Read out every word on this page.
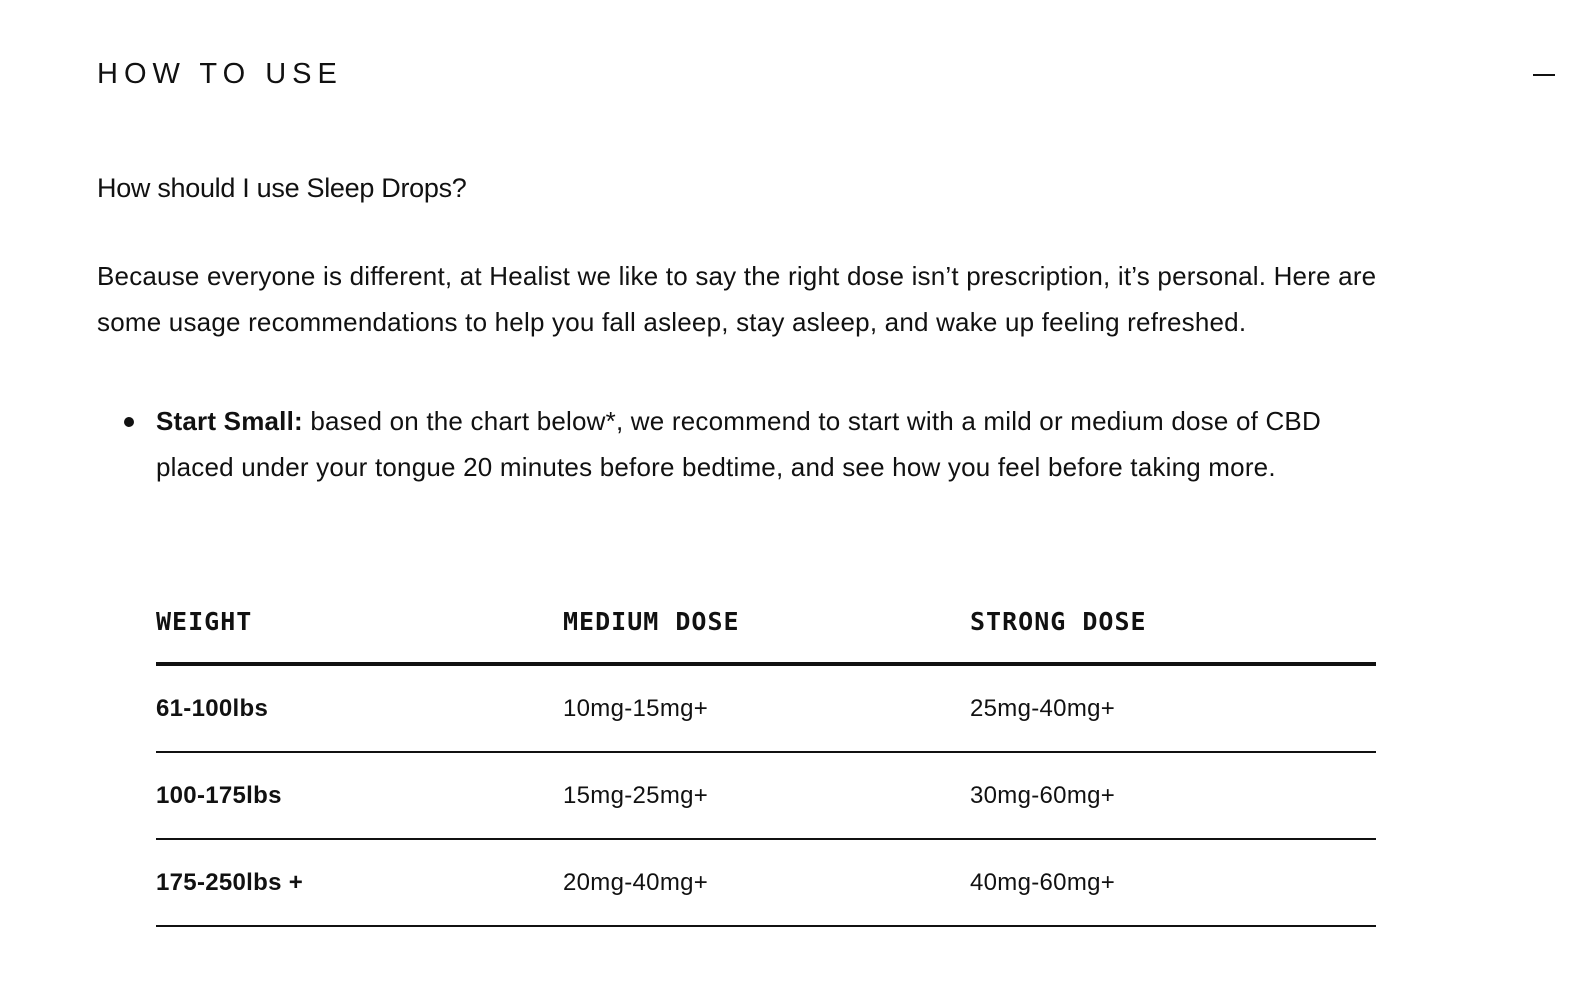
HOW TO USE
How should I use Sleep Drops?

Because everyone is different, at Healist we like to say the right dose isn’t prescription, it’s personal. Here are some usage recommendations to help you fall asleep, stay asleep, and wake up feeling refreshed.

Start Small: based on the chart below*, we recommend to start with a mild or medium dose of CBD placed under your tongue 20 minutes before bedtime, and see how you feel before taking more.
WEIGHT	MEDIUM DOSE	STRONG DOSE
61-100lbs	10mg-15mg+	25mg-40mg+
100-175lbs	15mg-25mg+	30mg-60mg+
175-250lbs +	20mg-40mg+	40mg-60mg+
